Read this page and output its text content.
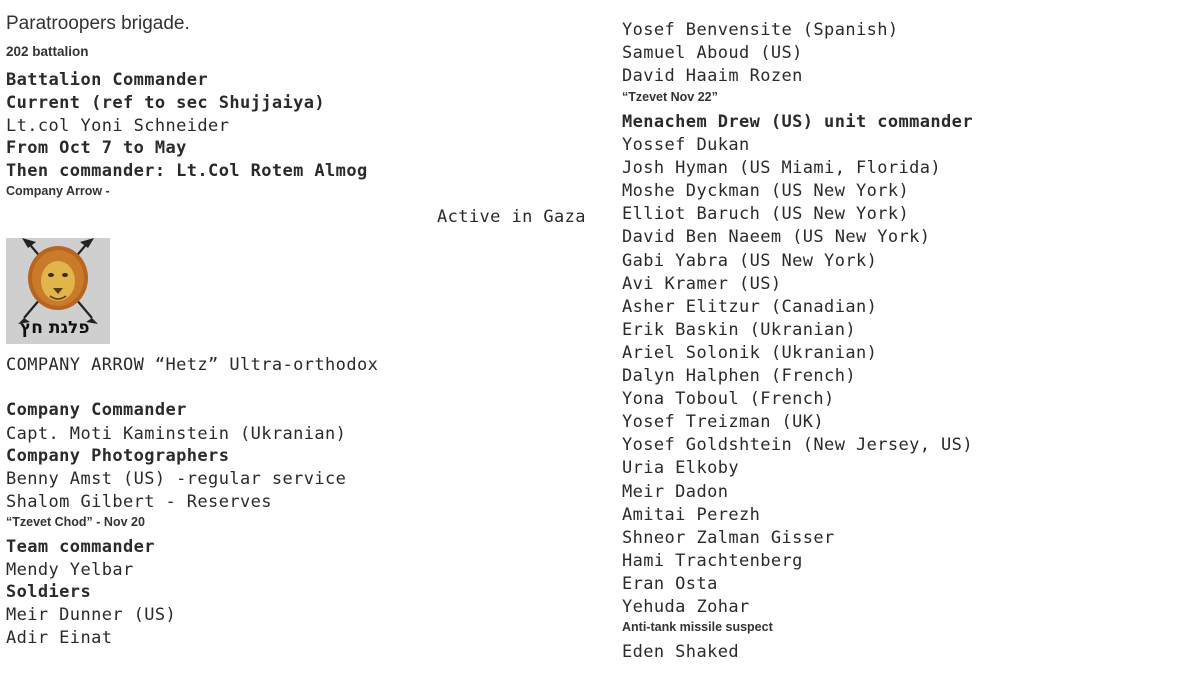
Paratroopers brigade.
202 battalion
Battalion Commander
Current (ref to sec Shujjaiya)
Lt.col Yoni Schneider
From Oct 7 to May
Then commander: Lt.Col Rotem Almog
Company Arrow -
פלגת חץ
COMPANY ARROW “Hetz” Ultra-orthodox
Company Commander
Capt. Moti Kaminstein (Ukranian)
Company Photographers
Benny Amst (US) -regular service
Shalom Gilbert - Reserves
“Tzevet Chod” - Nov 20
Team commander
Mendy Yelbar
Soldiers
Meir Dunner (US)
Adir Einat
Active in Gaza
Yosef Benvensite (Spanish)
Samuel Aboud (US)
David Haaim Rozen
“Tzevet Nov 22”
Menachem Drew (US) unit commander
Yossef Dukan
Josh Hyman (US Miami, Florida)
Moshe Dyckman (US New York)
Elliot Baruch (US New York)
David Ben Naeem (US New York)
Gabi Yabra (US New York)
Avi Kramer (US)
Asher Elitzur (Canadian)
Erik Baskin (Ukranian)
Ariel Solonik (Ukranian)
Dalyn Halphen (French)
Yona Toboul (French)
Yosef Treizman (UK)
Yosef Goldshtein (New Jersey, US)
Uria Elkoby
Meir Dadon
Amitai Perezh
Shneor Zalman Gisser
Hami Trachtenberg
Eran Osta
Yehuda Zohar
Anti-tank missile suspect
Eden Shaked
